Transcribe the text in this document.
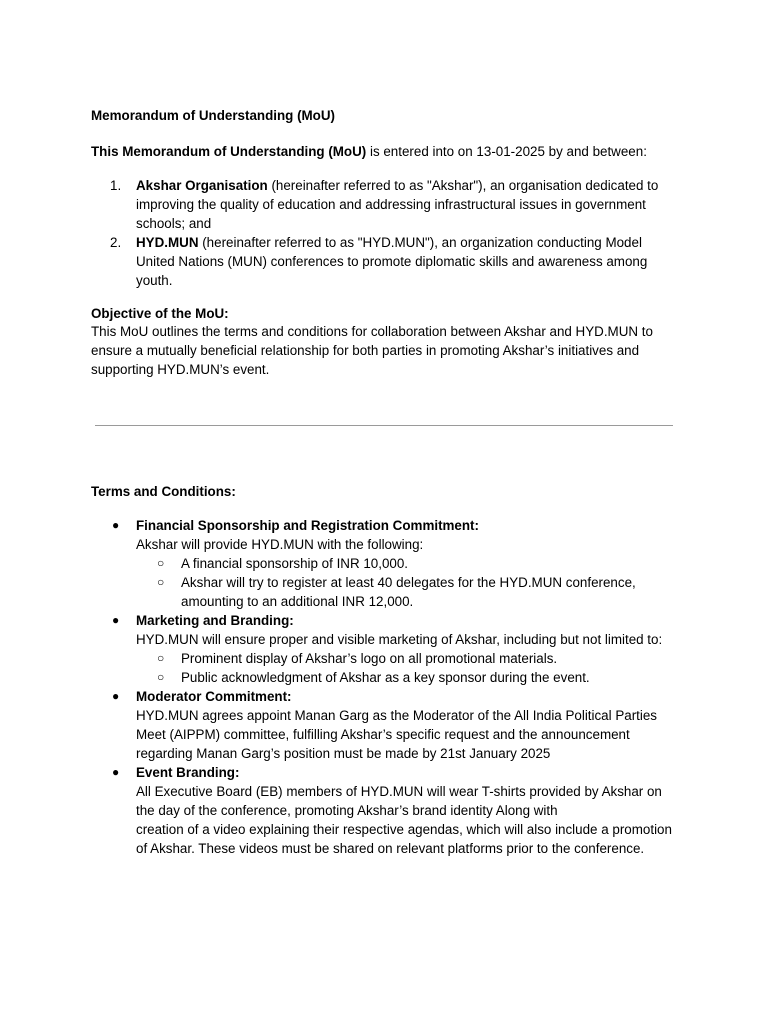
Memorandum of Understanding (MoU)
This Memorandum of Understanding (MoU) is entered into on 13-01-2025 by and between:
1. Akshar Organisation (hereinafter referred to as "Akshar"), an organisation dedicated to improving the quality of education and addressing infrastructural issues in government schools; and
2. HYD.MUN (hereinafter referred to as "HYD.MUN"), an organization conducting Model United Nations (MUN) conferences to promote diplomatic skills and awareness among youth.
Objective of the MoU:
This MoU outlines the terms and conditions for collaboration between Akshar and HYD.MUN to ensure a mutually beneficial relationship for both parties in promoting Akshar’s initiatives and supporting HYD.MUN’s event.
Terms and Conditions:
● Financial Sponsorship and Registration Commitment:
Akshar will provide HYD.MUN with the following:
○ A financial sponsorship of INR 10,000.
○ Akshar will try to register at least 40 delegates for the HYD.MUN conference, amounting to an additional INR 12,000.
● Marketing and Branding:
HYD.MUN will ensure proper and visible marketing of Akshar, including but not limited to:
○ Prominent display of Akshar’s logo on all promotional materials.
○ Public acknowledgment of Akshar as a key sponsor during the event.
● Moderator Commitment:
HYD.MUN agrees appoint Manan Garg as the Moderator of the All India Political Parties Meet (AIPPM) committee, fulfilling Akshar’s specific request and the announcement regarding Manan Garg’s position must be made by 21st January 2025
● Event Branding:
All Executive Board (EB) members of HYD.MUN will wear T-shirts provided by Akshar on the day of the conference, promoting Akshar’s brand identity Along with
creation of a video explaining their respective agendas, which will also include a promotion of Akshar. These videos must be shared on relevant platforms prior to the conference.
